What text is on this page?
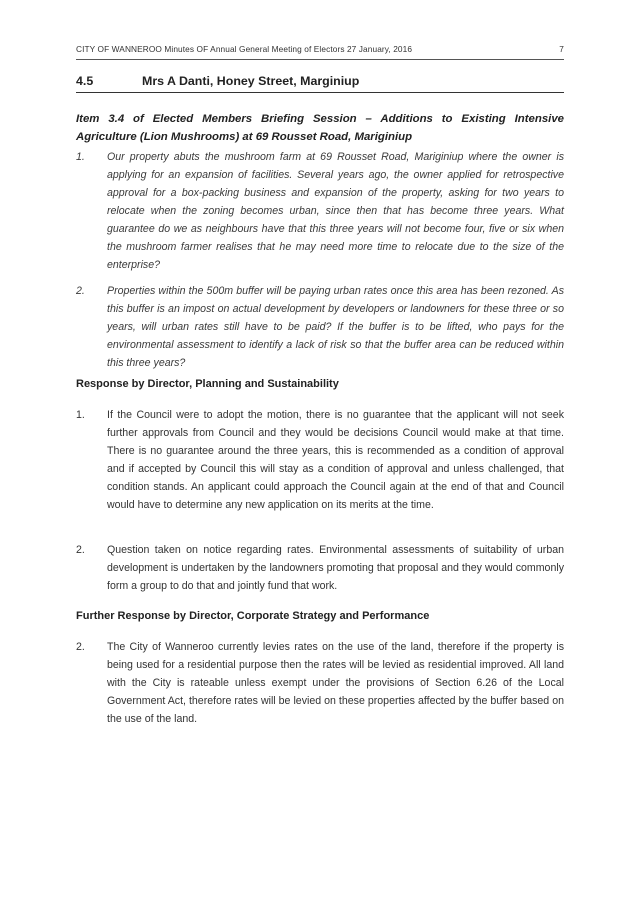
CITY OF WANNEROO Minutes OF Annual General Meeting of Electors 27 January, 2016	7
4.5	Mrs A Danti, Honey Street, Marginiup
Item 3.4 of Elected Members Briefing Session – Additions to Existing Intensive Agriculture (Lion Mushrooms) at 69 Rousset Road, Mariginiup
1. Our property abuts the mushroom farm at 69 Rousset Road, Mariginiup where the owner is applying for an expansion of facilities. Several years ago, the owner applied for retrospective approval for a box-packing business and expansion of the property, asking for two years to relocate when the zoning becomes urban, since then that has become three years. What guarantee do we as neighbours have that this three years will not become four, five or six when the mushroom farmer realises that he may need more time to relocate due to the size of the enterprise?
2. Properties within the 500m buffer will be paying urban rates once this area has been rezoned. As this buffer is an impost on actual development by developers or landowners for these three or so years, will urban rates still have to be paid? If the buffer is to be lifted, who pays for the environmental assessment to identify a lack of risk so that the buffer area can be reduced within this three years?
Response by Director, Planning and Sustainability
1. If the Council were to adopt the motion, there is no guarantee that the applicant will not seek further approvals from Council and they would be decisions Council would make at that time. There is no guarantee around the three years, this is recommended as a condition of approval and if accepted by Council this will stay as a condition of approval and unless challenged, that condition stands. An applicant could approach the Council again at the end of that and Council would have to determine any new application on its merits at the time.
2. Question taken on notice regarding rates. Environmental assessments of suitability of urban development is undertaken by the landowners promoting that proposal and they would commonly form a group to do that and jointly fund that work.
Further Response by Director, Corporate Strategy and Performance
2. The City of Wanneroo currently levies rates on the use of the land, therefore if the property is being used for a residential purpose then the rates will be levied as residential improved. All land with the City is rateable unless exempt under the provisions of Section 6.26 of the Local Government Act, therefore rates will be levied on these properties affected by the buffer based on the use of the land.
